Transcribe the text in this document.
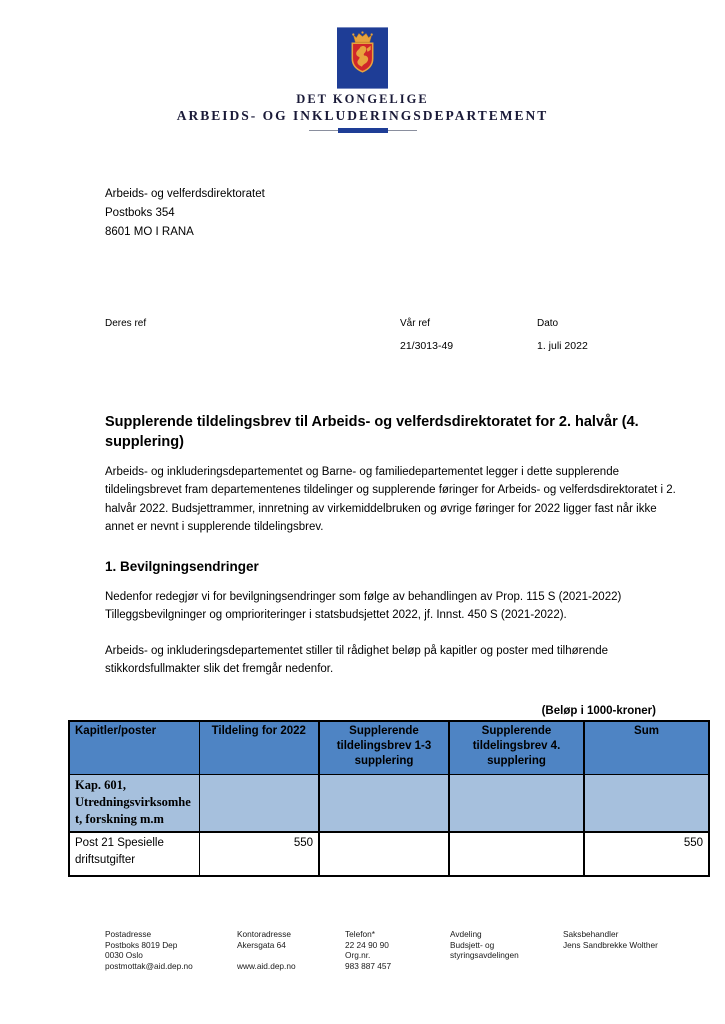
DET KONGELIGE
ARBEIDS- OG INKLUDERINGSDEPARTEMENT
Arbeids- og velferdsdirektoratet
Postboks 354
8601 MO I RANA
Deres ref	Vår ref
21/3013-49
Dato
1. juli 2022
Supplerende tildelingsbrev til Arbeids- og velferdsdirektoratet for 2. halvår (4. supplering)

Arbeids- og inkluderingsdepartementet og Barne- og familiedepartementet legger i dette supplerende tildelingsbrevet fram departementenes tildelinger og supplerende føringer for Arbeids- og velferdsdirektoratet i 2. halvår 2022. Budsjettrammer, innretning av virkemiddelbruken og øvrige føringer for 2022 ligger fast når ikke annet er nevnt i supplerende tildelingsbrev.

1. Bevilgningsendringer

Nedenfor redegjør vi for bevilgningsendringer som følge av behandlingen av Prop. 115 S (2021-2022) Tilleggsbevilgninger og omprioriteringer i statsbudsjettet 2022, jf. Innst. 450 S (2021-2022).

Arbeids- og inkluderingsdepartementet stiller til rådighet beløp på kapitler og poster med tilhørende stikkordsfullmakter slik det fremgår nedenfor.

(Beløp i 1000-kroner)
Kapitler/poster	Tildeling for 2022	Supplerende tildelingsbrev 1-3 supplering	Supplerende tildelingsbrev 4. supplering	Sum
Kap. 601, Utredningsvirksomhet, forskning m.m				
Post 21 Spesielle driftsutgifter	550			550
Postadresse
Postboks 8019 Dep
0030 Oslo
postmottak@aid.dep.no
Kontoradresse
Akersgata 64
www.aid.dep.no
Telefon*
22 24 90 90
Org.nr.
983 887 457
Avdeling
Budsjett- og styringsavdelingen
Saksbehandler
Jens Sandbrekke Wolther
